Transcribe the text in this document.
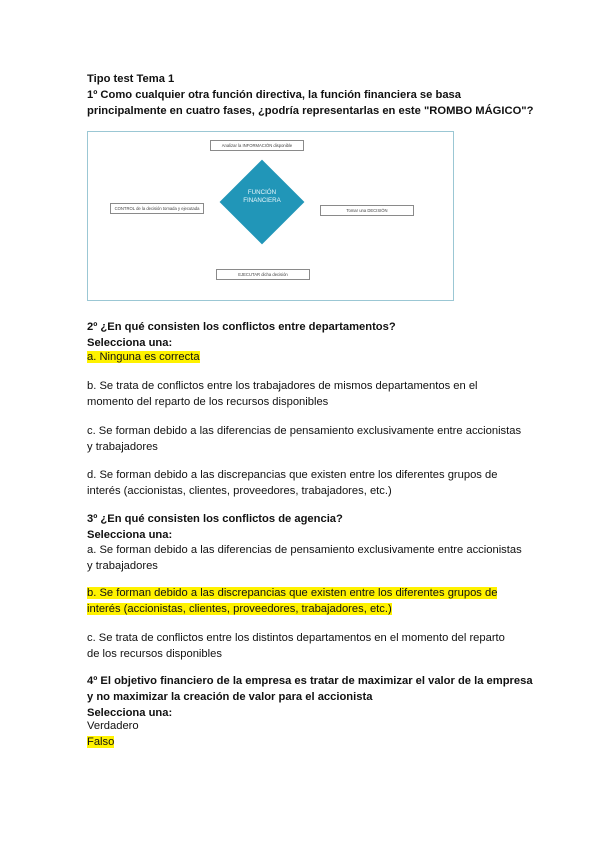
Tipo test Tema 1
1º Como cualquier otra función directiva, la función financiera se basa
principalmente en cuatro fases, ¿podría representarlas en este "ROMBO MÁGICO"?
Analizar la INFORMACIÓN disponible
CONTROL de la decisión tomada y ejecutada	Tomar una DECISIÓN
EJECUTAR dicha decisión
FUNCIÓN
FINANCIERA
2º ¿En qué consisten los conflictos entre departamentos?
Selecciona una:
a. Ninguna es correcta
b. Se trata de conflictos entre los trabajadores de mismos departamentos en el
momento del reparto de los recursos disponibles
c. Se forman debido a las diferencias de pensamiento exclusivamente entre accionistas
y trabajadores
d. Se forman debido a las discrepancias que existen entre los diferentes grupos de
interés (accionistas, clientes, proveedores, trabajadores, etc.)
3º ¿En qué consisten los conflictos de agencia?
Selecciona una:
a. Se forman debido a las diferencias de pensamiento exclusivamente entre accionistas
y trabajadores
b. Se forman debido a las discrepancias que existen entre los diferentes grupos de
interés (accionistas, clientes, proveedores, trabajadores, etc.)
c. Se trata de conflictos entre los distintos departamentos en el momento del reparto
de los recursos disponibles
4º El objetivo financiero de la empresa es tratar de maximizar el valor de la empresa
y no maximizar la creación de valor para el accionista
Selecciona una:
Verdadero
Falso
